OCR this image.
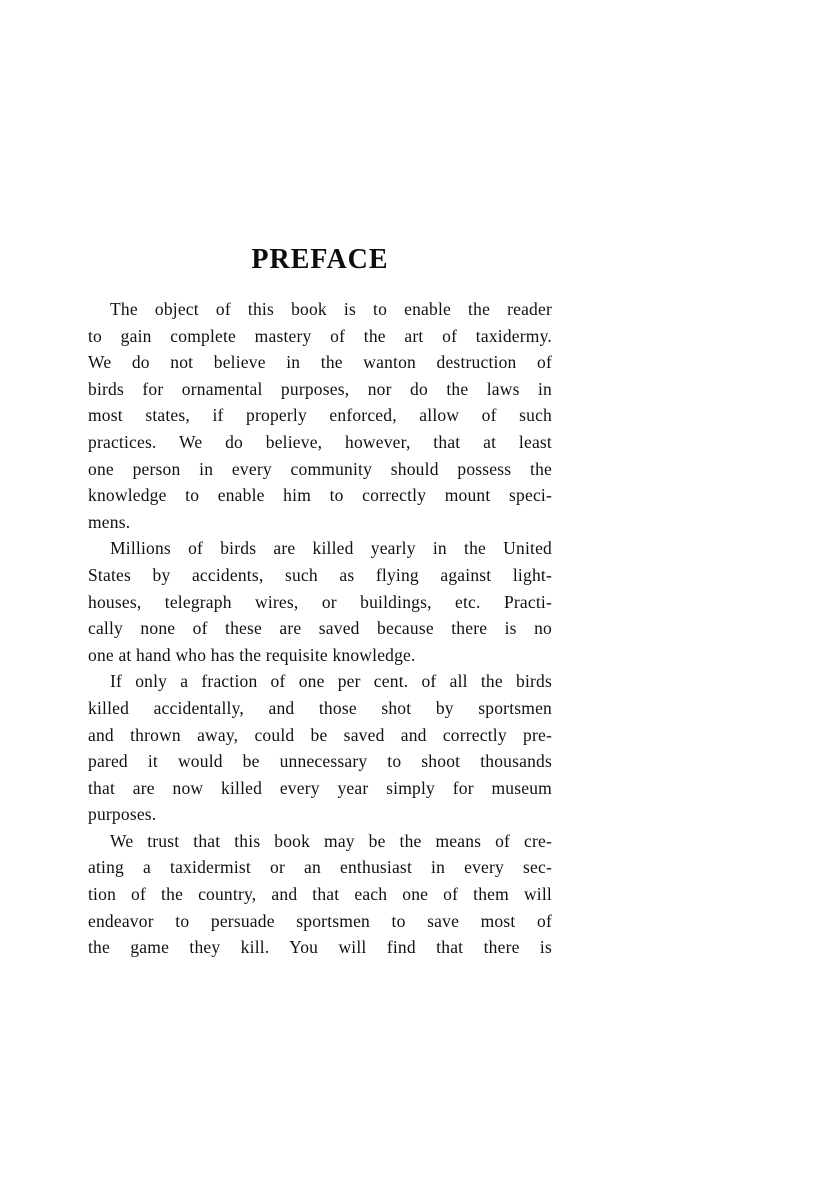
PREFACE
The object of this book is to enable the reader
to gain complete mastery of the art of taxidermy.
We do not believe in the wanton destruction of
birds for ornamental purposes, nor do the laws in
most states, if properly enforced, allow of such
practices. We do believe, however, that at least
one person in every community should possess the
knowledge to enable him to correctly mount speci-
mens.
Millions of birds are killed yearly in the United
States by accidents, such as flying against light-
houses, telegraph wires, or buildings, etc. Practi-
cally none of these are saved because there is no
one at hand who has the requisite knowledge.
If only a fraction of one per cent. of all the birds
killed accidentally, and those shot by sportsmen
and thrown away, could be saved and correctly pre-
pared it would be unnecessary to shoot thousands
that are now killed every year simply for museum
purposes.
We trust that this book may be the means of cre-
ating a taxidermist or an enthusiast in every sec-
tion of the country, and that each one of them will
endeavor to persuade sportsmen to save most of
the game they kill. You will find that there is
